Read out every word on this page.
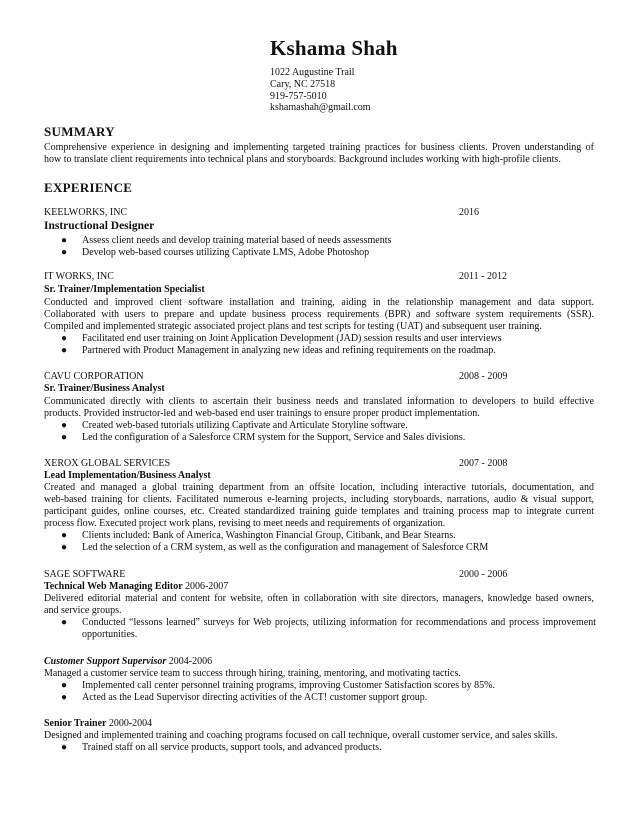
Kshama Shah
1022 Augustine Trail
Cary, NC 27518
919-757-5010
kshamashah@gmail.com
SUMMARY
Comprehensive experience in designing and implementing targeted training practices for business clients. Proven understanding of
how to translate client requirements into technical plans and storyboards. Background includes working with high-profile clients.
EXPERIENCE
KEELWORKS, INC	2016
Instructional Designer
● Assess client needs and develop training material based of needs assessments
● Develop web-based courses utilizing Captivate LMS, Adobe Photoshop
IT WORKS, INC	2011 - 2012
Sr. Trainer/Implementation Specialist
Conducted and improved client software installation and training, aiding in the relationship management and data support.
Collaborated with users to prepare and update business process requirements (BPR) and software system requirements (SSR).
Compiled and implemented strategic associated project plans and test scripts for testing (UAT) and subsequent user training.
● Facilitated end user training on Joint Application Development (JAD) session results and user interviews
● Partnered with Product Management in analyzing new ideas and refining requirements on the roadmap.
CAVU CORPORATION	2008 - 2009
Sr. Trainer/Business Analyst
Communicated directly with clients to ascertain their business needs and translated information to developers to build effective
products. Provided instructor-led and web-based end user trainings to ensure proper product implementation.
● Created web-based tutorials utilizing Captivate and Articulate Storyline software.
● Led the configuration of a Salesforce CRM system for the Support, Service and Sales divisions.
XEROX GLOBAL SERVICES	2007 - 2008
Lead Implementation/Business Analyst
Created and managed a global training department from an offsite location, including interactive tutorials, documentation, and
web-based training for clients. Facilitated numerous e-learning projects, including storyboards, narrations, audio & visual support,
participant guides, online courses, etc. Created standardized training guide templates and training process map to integrate current
process flow. Executed project work plans, revising to meet needs and requirements of organization.
● Clients included: Bank of America, Washington Financial Group, Citibank, and Bear Stearns.
● Led the selection of a CRM system, as well as the configuration and management of Salesforce CRM
SAGE SOFTWARE	2000 - 2006
Technical Web Managing Editor 2006-2007
Delivered editorial material and content for website, often in collaboration with site directors, managers, knowledge based owners,
and service groups.
● Conducted “lessons learned” surveys for Web projects, utilizing information for recommendations and process improvement opportunities.
Customer Support Supervisor 2004-2006
Managed a customer service team to success through hiring, training, mentoring, and motivating tactics.
● Implemented call center personnel training programs, improving Customer Satisfaction scores by 85%.
● Acted as the Lead Supervisor directing activities of the ACT! customer support group.
Senior Trainer 2000-2004
Designed and implemented training and coaching programs focused on call technique, overall customer service, and sales skills.
● Trained staff on all service products, support tools, and advanced products.
